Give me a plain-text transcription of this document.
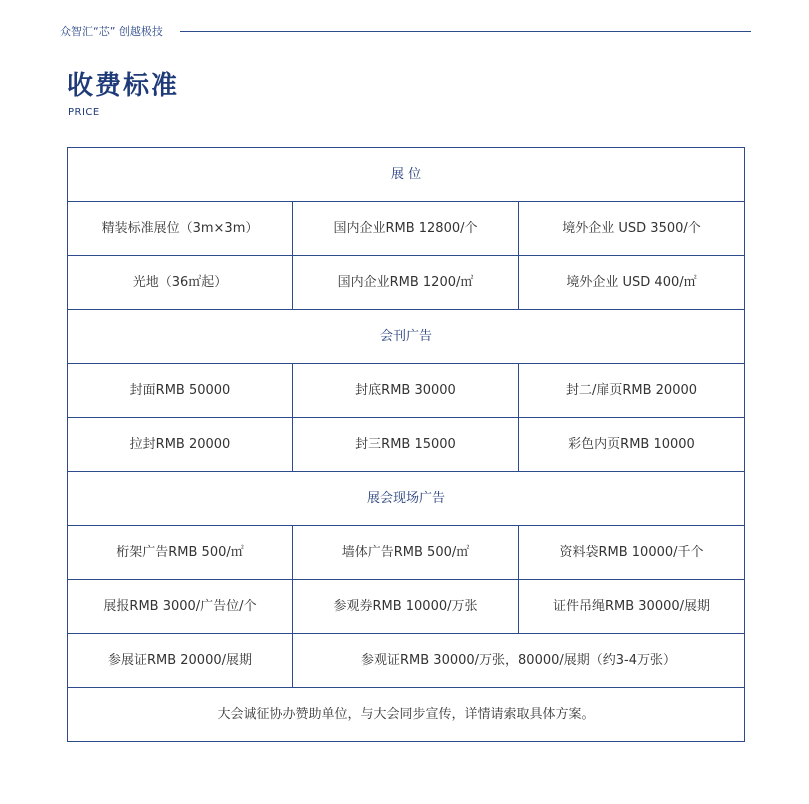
众智汇“芯” 创越极技
收费标准
PRICE
展 位		
精装标准展位（3m×3m）	国内企业RMB 12800/个	境外企业 USD 3500/个
光地（36㎡起）	国内企业RMB 1200/㎡	境外企业 USD 400/㎡
会刊广告		
封面RMB 50000	封底RMB 30000	封二/扉页RMB 20000
拉封RMB 20000	封三RMB 15000	彩色内页RMB 10000
展会现场广告		
桁架广告RMB 500/㎡	墙体广告RMB 500/㎡	资料袋RMB 10000/千个
展报RMB 3000/广告位/个	参观券RMB 10000/万张	证件吊绳RMB 30000/展期
参展证RMB 20000/展期	参观证RMB 30000/万张，80000/展期（约3-4万张）	
大会诚征协办赞助单位，与大会同步宣传，详情请索取具体方案。		
